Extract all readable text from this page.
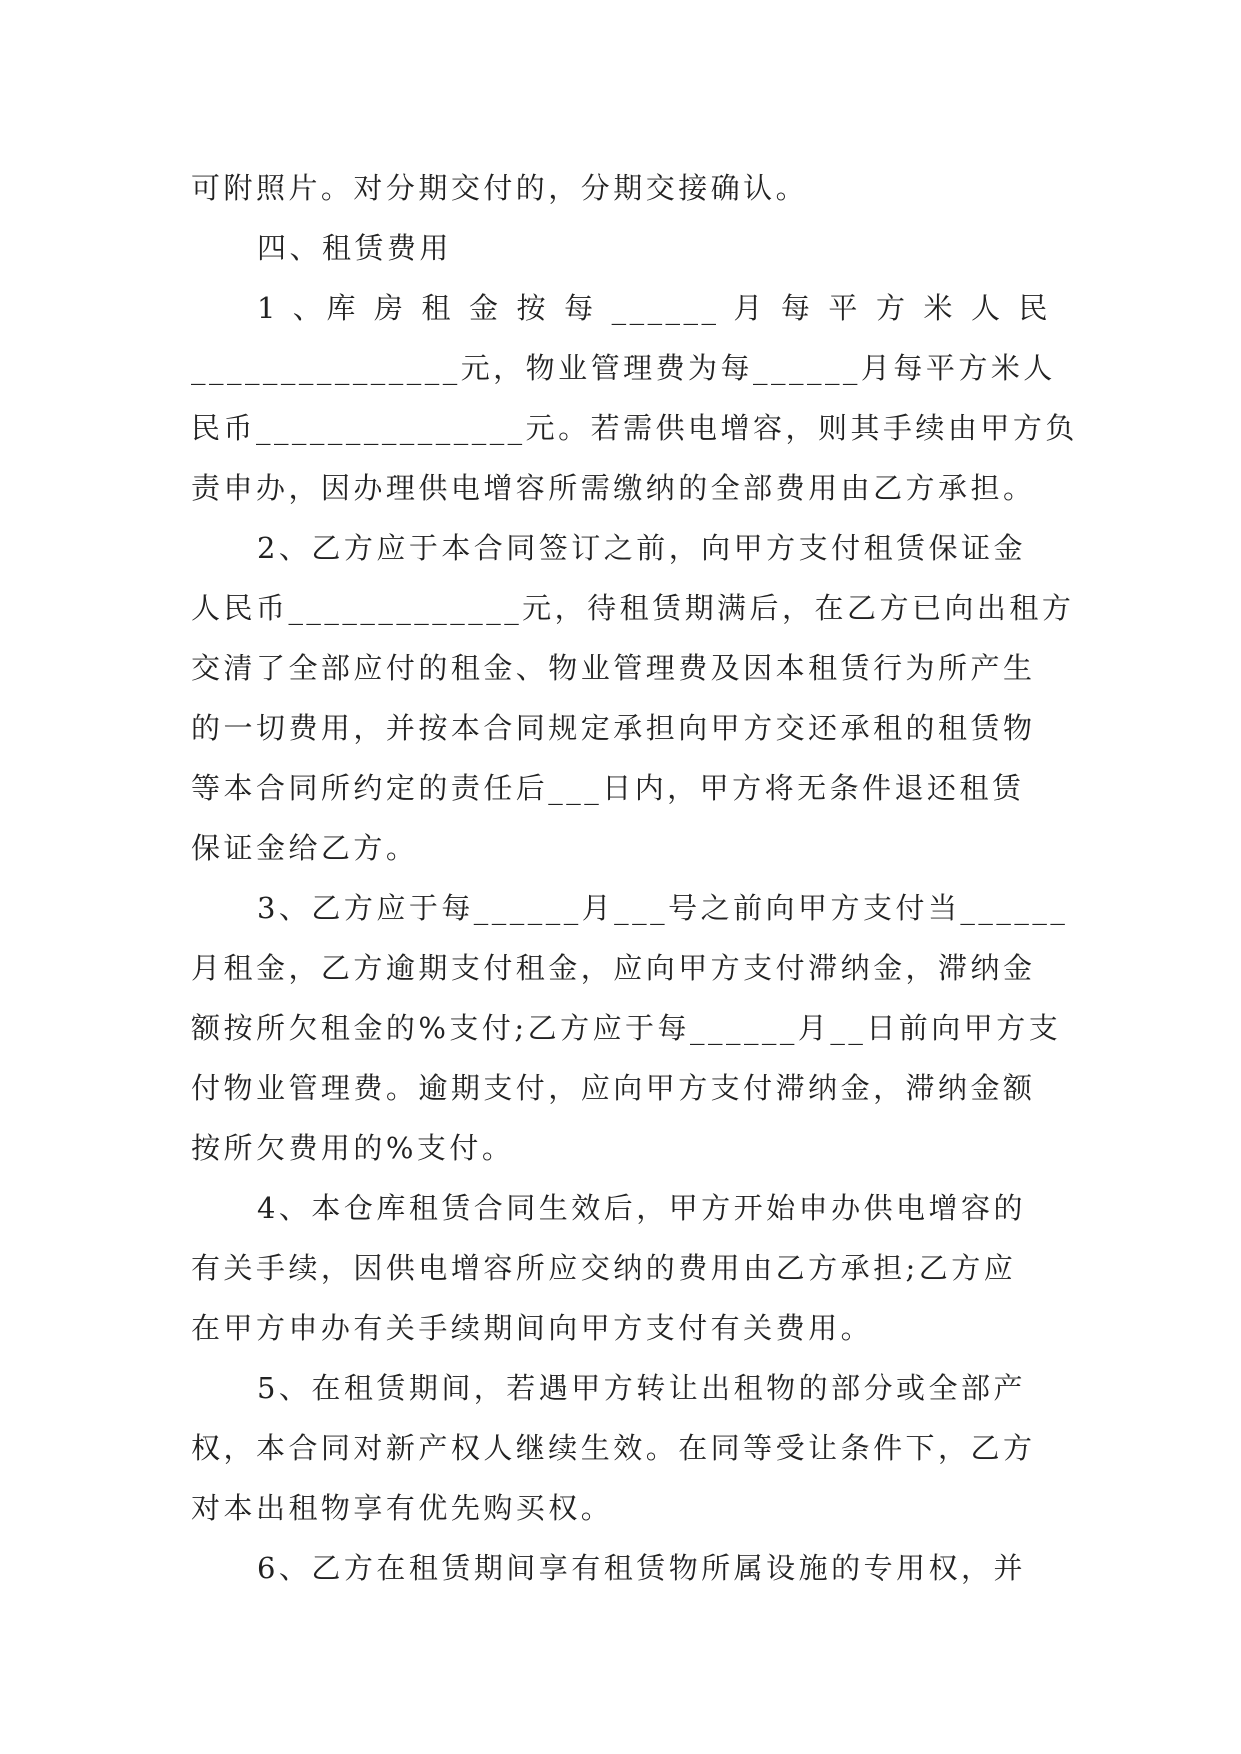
可附照片。对分期交付的，分期交接确认。
四、租赁费用
1 、库 房 租 金 按 每 ______ 月 每 平 方 米 人 民
_______________元，物业管理费为每______月每平方米人
民币_______________元。若需供电增容，则其手续由甲方负
责申办，因办理供电增容所需缴纳的全部费用由乙方承担。
2、乙方应于本合同签订之前，向甲方支付租赁保证金
人民币_____________元，待租赁期满后，在乙方已向出租方
交清了全部应付的租金、物业管理费及因本租赁行为所产生
的一切费用，并按本合同规定承担向甲方交还承租的租赁物
等本合同所约定的责任后___日内，甲方将无条件退还租赁
保证金给乙方。
3、乙方应于每______月___号之前向甲方支付当______
月租金，乙方逾期支付租金，应向甲方支付滞纳金，滞纳金
额按所欠租金的%支付;乙方应于每______月__日前向甲方支
付物业管理费。逾期支付，应向甲方支付滞纳金，滞纳金额
按所欠费用的%支付。
4、本仓库租赁合同生效后，甲方开始申办供电增容的
有关手续，因供电增容所应交纳的费用由乙方承担;乙方应
在甲方申办有关手续期间向甲方支付有关费用。
5、在租赁期间，若遇甲方转让出租物的部分或全部产
权，本合同对新产权人继续生效。在同等受让条件下，乙方
对本出租物享有优先购买权。
6、乙方在租赁期间享有租赁物所属设施的专用权，并
